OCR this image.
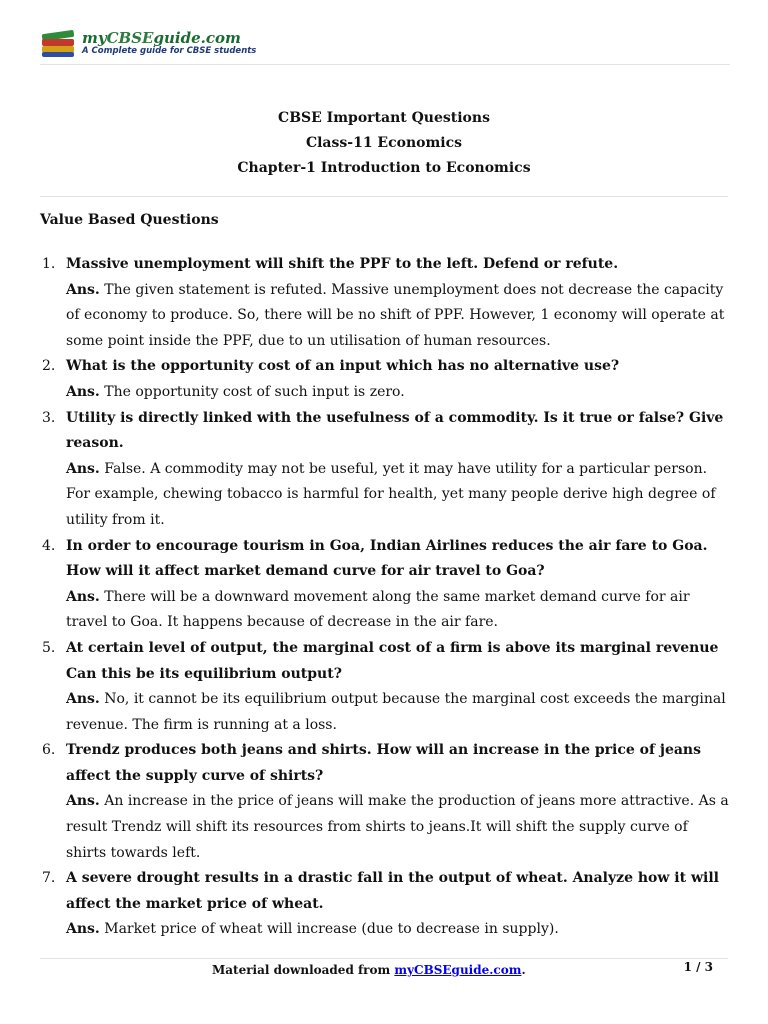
myCBSEguide.com
A Complete guide for CBSE students
CBSE Important Questions
Class-11 Economics
Chapter-1 Introduction to Economics
Value Based Questions
1. Massive unemployment will shift the PPF to the left. Defend or refute.
Ans. The given statement is refuted. Massive unemployment does not decrease the capacity of economy to produce. So, there will be no shift of PPF. However, 1 economy will operate at some point inside the PPF, due to un utilisation of human resources.
2. What is the opportunity cost of an input which has no alternative use?
Ans. The opportunity cost of such input is zero.
3. Utility is directly linked with the usefulness of a commodity. Is it true or false? Give reason.
Ans. False. A commodity may not be useful, yet it may have utility for a particular person. For example, chewing tobacco is harmful for health, yet many people derive high degree of utility from it.
4. In order to encourage tourism in Goa, Indian Airlines reduces the air fare to Goa. How will it affect market demand curve for air travel to Goa?
Ans. There will be a downward movement along the same market demand curve for air travel to Goa. It happens because of decrease in the air fare.
5. At certain level of output, the marginal cost of a firm is above its marginal revenue Can this be its equilibrium output?
Ans. No, it cannot be its equilibrium output because the marginal cost exceeds the marginal revenue. The firm is running at a loss.
6. Trendz produces both jeans and shirts. How will an increase in the price of jeans affect the supply curve of shirts?
Ans. An increase in the price of jeans will make the production of jeans more attractive. As a result Trendz will shift its resources from shirts to jeans.It will shift the supply curve of shirts towards left.
7. A severe drought results in a drastic fall in the output of wheat. Analyze how it will affect the market price of wheat.
Ans. Market price of wheat will increase (due to decrease in supply).
Material downloaded from myCBSEguide.com.	1 / 3
